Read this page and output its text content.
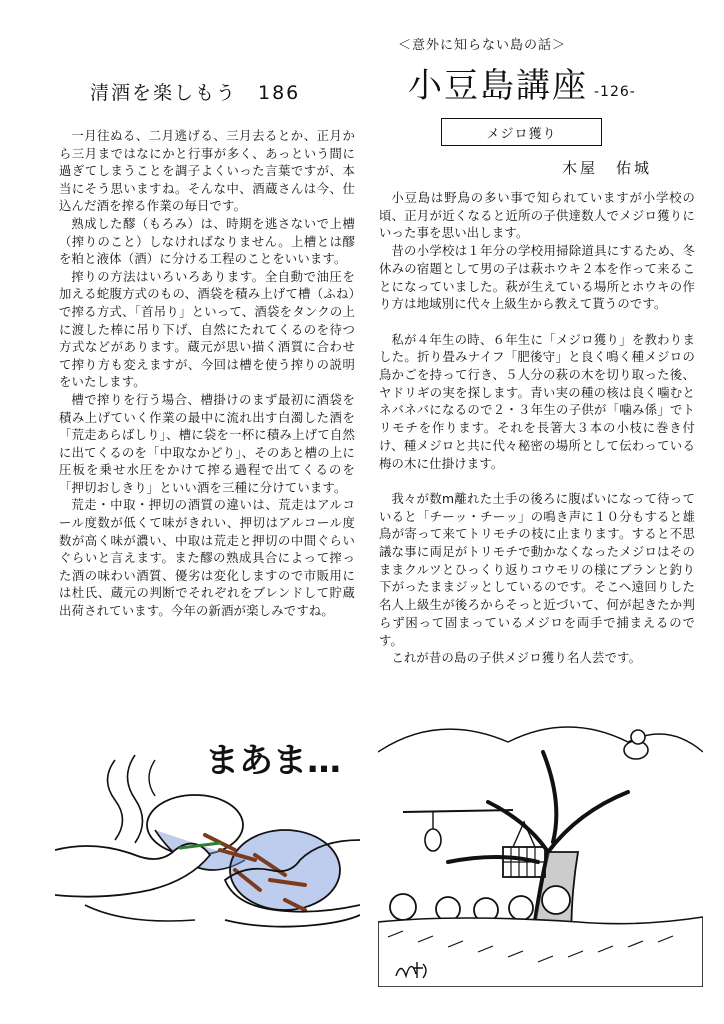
清酒を楽しもう　186

一月往ぬる、二月逃げる、三月去るとか、正月から三月まではなにかと行事が多く、あっという間に過ぎてしまうことを調子よくいった言葉ですが、本当にそう思いますね。そんな中、酒蔵さんは今、仕込んだ酒を搾る作業の毎日です。

熟成した醪（もろみ）は、時期を逃さないで上槽（搾りのこと）しなければなりません。上槽とは醪を粕と液体（酒）に分ける工程のことをいいます。

搾りの方法はいろいろあります。全自動で油圧を加える蛇腹方式のもの、酒袋を積み上げて槽（ふね）で搾る方式、「首吊り」といって、酒袋をタンクの上に渡した棒に吊り下げ、自然にたれてくるのを待つ方式などがあります。蔵元が思い描く酒質に合わせて搾り方も変えますが、今回は槽を使う搾りの説明をいたします。

槽で搾りを行う場合、槽掛けのまず最初に酒袋を積み上げていく作業の最中に流れ出す白濁した酒を「荒走あらばしり」、槽に袋を一杯に積み上げて自然に出てくるのを「中取なかどり」、そのあと槽の上に圧板を乗せ水圧をかけて搾る過程で出てくるのを「押切おしきり」といい酒を三種に分けています。

荒走・中取・押切の酒質の違いは、荒走はアルコール度数が低くて味がきれい、押切はアルコール度数が高く味が濃い、中取は荒走と押切の中間ぐらいぐらいと言えます。また醪の熟成具合によって搾った酒の味わい酒質、優劣は変化しますので市販用には杜氏、蔵元の判断でそれぞれをブレンドして貯蔵出荷されています。今年の新酒が楽しみですね。

まあま…
＜意外に知らない島の話＞
小豆島講座 -126-
メジロ獲り
木屋　佑城

小豆島は野鳥の多い事で知られていますが小学校の頃、正月が近くなると近所の子供達数人でメジロ獲りにいった事を思い出します。

昔の小学校は１年分の学校用掃除道具にするため、冬休みの宿題として男の子は萩ホウキ２本を作って来ることになっていました。萩が生えている場所とホウキの作り方は地域別に代々上級生から教えて貰うのです。

私が４年生の時、６年生に「メジロ獲り」を教わりました。折り畳みナイフ「肥後守」と良く鳴く種メジロの鳥かごを持って行き、５人分の萩の木を切り取った後、ヤドリギの実を探します。青い実の種の核は良く噛むとネバネバになるので２・３年生の子供が「噛み係」でトリモチを作ります。それを長箸大３本の小枝に巻き付け、種メジロと共に代々秘密の場所として伝わっている梅の木に仕掛けます。

我々が数m離れた土手の後ろに腹ばいになって待っていると「チーッ・チーッ」の鳴き声に１０分もすると雄鳥が寄って来てトリモチの枝に止まります。すると不思議な事に両足がトリモチで動かなくなったメジロはそのままクルツとひっくり返りコウモリの様にブランと釣り下がったままジッとしているのです。そこへ遠回りした名人上級生が後ろからそっと近づいて、何が起きたか判らず困って固まっているメジロを両手で捕まえるのです。

これが昔の島の子供メジロ獲り名人芸です。
